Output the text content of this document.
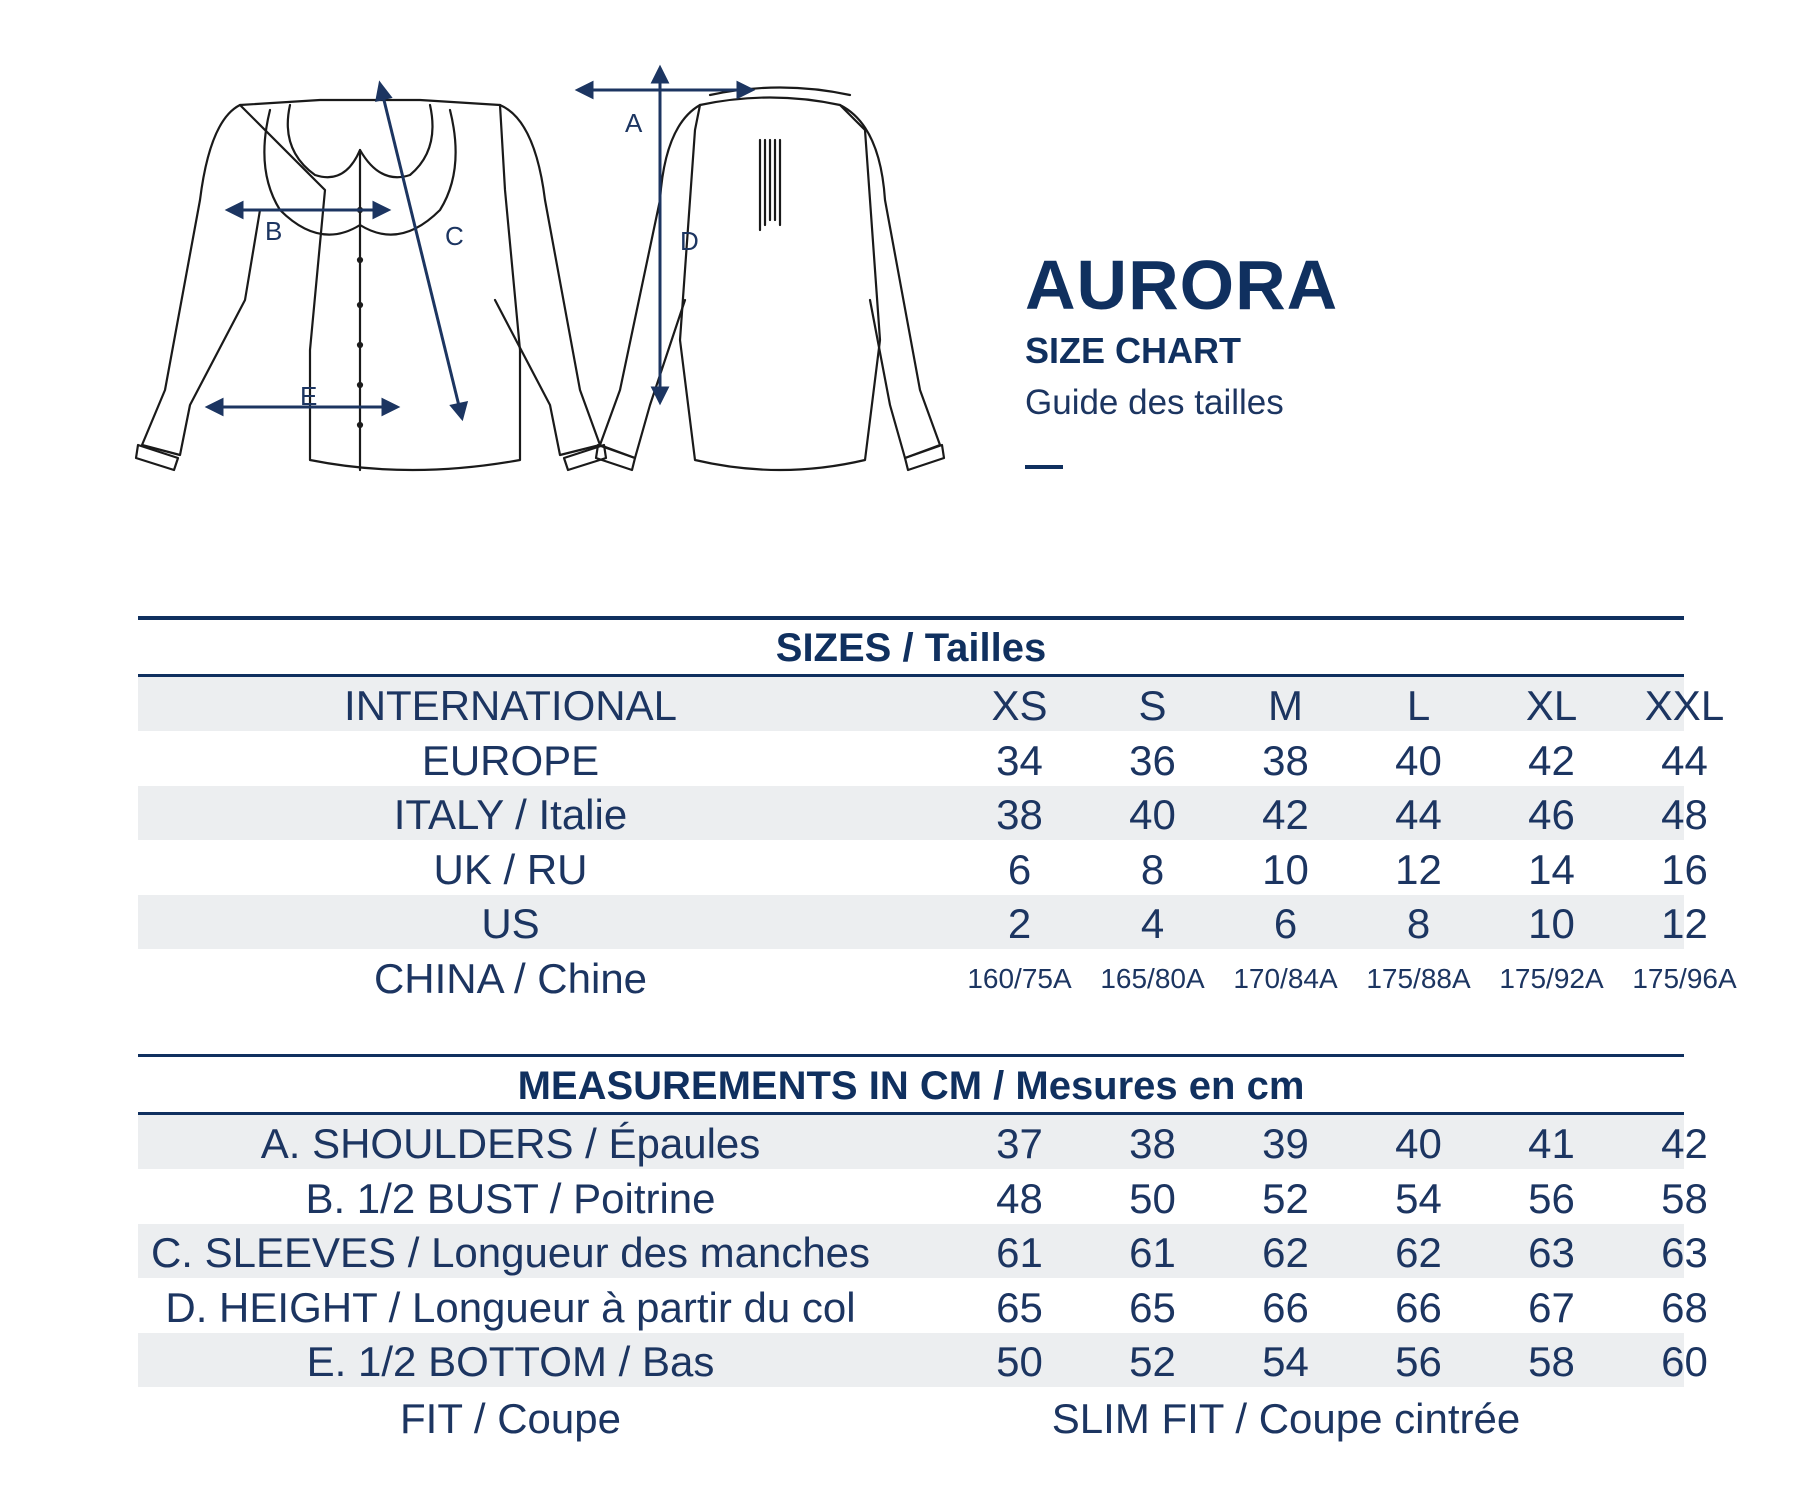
A
B	C	D
E
AURORA
SIZE CHART
Guide des tailles
SIZES / Tailles
INTERNATIONAL	XS	S	M	L	XL	XXL
EUROPE	34	36	38	40	42	44
ITALY / Italie	38	40	42	44	46	48
UK / RU	6	8	10	12	14	16
US	2	4	6	8	10	12
CHINA / Chine	160/75A	165/80A	170/84A	175/88A	175/92A	175/96A
MEASUREMENTS IN CM / Mesures en cm
A. SHOULDERS / Épaules	37	38	39	40	41	42
B. 1/2 BUST / Poitrine	48	50	52	54	56	58
C. SLEEVES / Longueur des manches	61	61	62	62	63	63
D. HEIGHT / Longueur à partir du col	65	65	66	66	67	68
E. 1/2 BOTTOM / Bas	50	52	54	56	58	60
FIT / Coupe	SLIM FIT / Coupe cintrée
